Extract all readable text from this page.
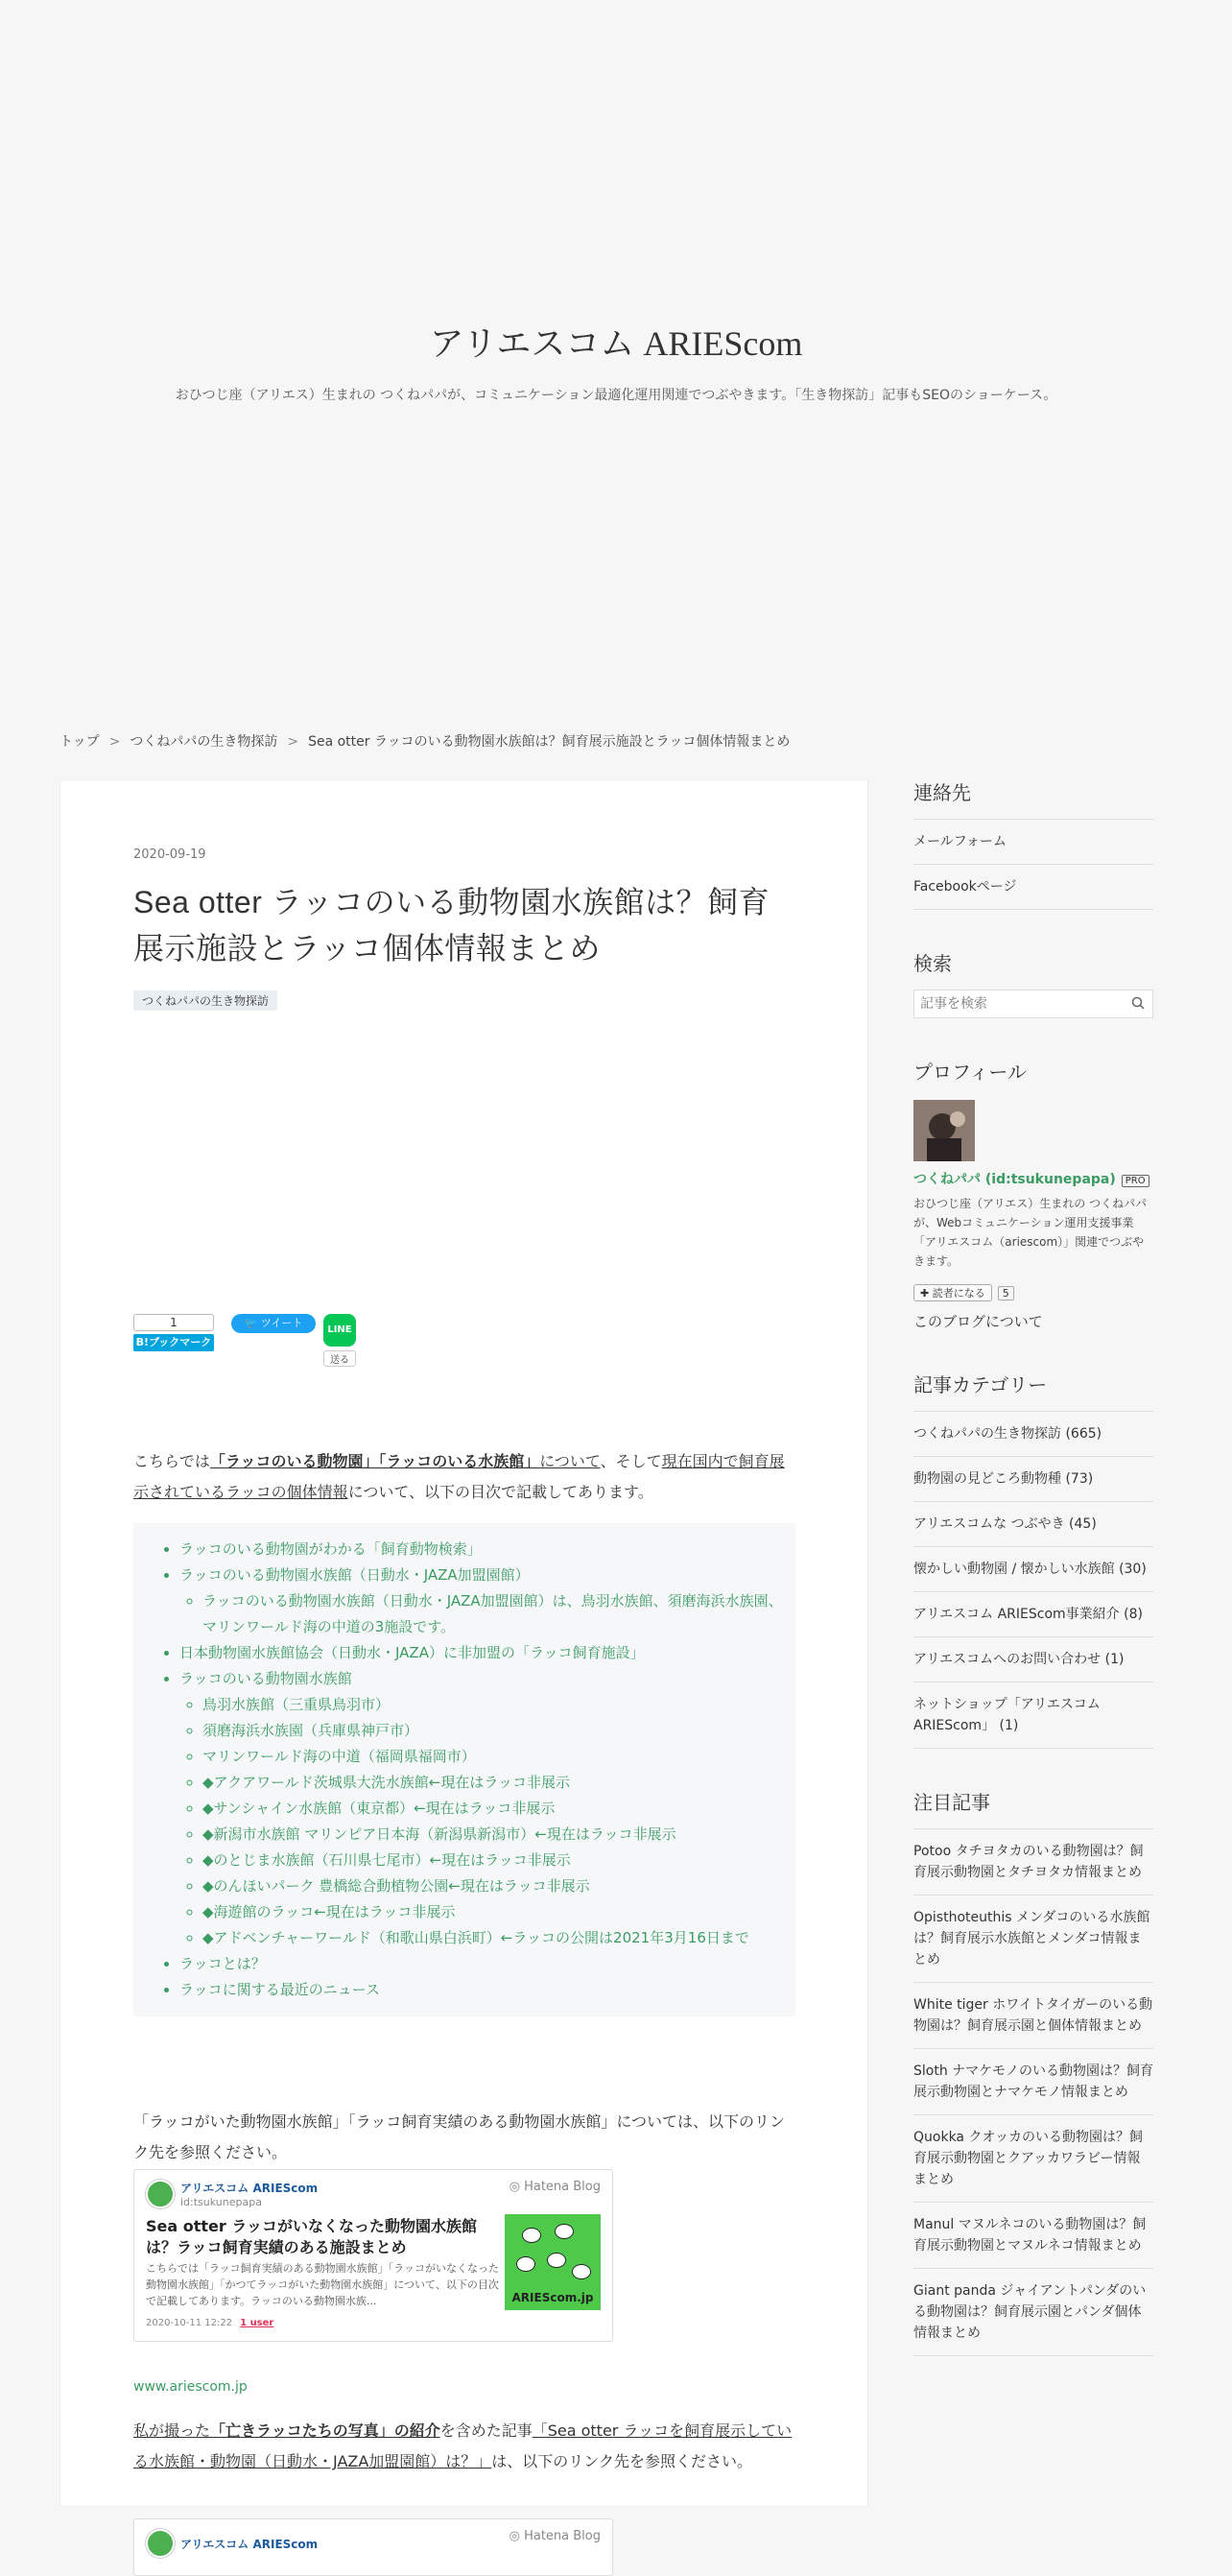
アリエスコム ARIEScom

おひつじ座（アリエス）生まれの つくねパパが、コミュニケーション最適化運用関連でつぶやきます。「生き物探訪」記事もSEOのショーケース。

トップ > つくねパパの生き物探訪 > Sea otter ラッコのいる動物園水族館は？飼育展示施設とラッコ個体情報まとめ
2020-09-19
Sea otter ラッコのいる動物園水族館は？飼育展示施設とラッコ個体情報まとめ
つくねパパの生き物探訪
1
B!ブックマーク
🐦 ツイート
LINE
送る

こちらでは「ラッコのいる動物園」「ラッコのいる水族館」について、そして現在国内で飼育展示されているラッコの個体情報について、以下の目次で記載してあります。

• ラッコのいる動物園がわかる「飼育動物検索」
• ラッコのいる動物園水族館（日動水・JAZA加盟園館）
◦ ラッコのいる動物園水族館（日動水・JAZA加盟園館）は、鳥羽水族館、須磨海浜水族園、マリンワールド海の中道の3施設です。
• 日本動物園水族館協会（日動水・JAZA）に非加盟の「ラッコ飼育施設」
• ラッコのいる動物園水族館
◦ 鳥羽水族館（三重県鳥羽市）
◦ 須磨海浜水族園（兵庫県神戸市）
◦ マリンワールド海の中道（福岡県福岡市）
◦ ◆アクアワールド茨城県大洗水族館←現在はラッコ非展示
◦ ◆サンシャイン水族館（東京都）←現在はラッコ非展示
◦ ◆新潟市水族館 マリンピア日本海（新潟県新潟市）←現在はラッコ非展示
◦ ◆のとじま水族館（石川県七尾市）←現在はラッコ非展示
◦ ◆のんほいパーク 豊橋総合動植物公園←現在はラッコ非展示
◦ ◆海遊館のラッコ←現在はラッコ非展示
◦ ◆アドベンチャーワールド（和歌山県白浜町）←ラッコの公開は2021年3月16日まで
• ラッコとは？
• ラッコに関する最近のニュース

「ラッコがいた動物園水族館」「ラッコ飼育実績のある動物園水族館」については、以下のリンク先を参照ください。

アリエスコム ARIEScom
id:tsukunepapa
◎ Hatena Blog
Sea otter ラッコがいなくなった動物園水族館は？ラッコ飼育実績のある施設まとめ
こちらでは「ラッコ飼育実績のある動物園水族館」「ラッコがいなくなった動物園水族館」「かつてラッコがいた動物園水族館」について、以下の目次で記載してあります。ラッコのいる動物園水族...
2020-10-11 12:22 1 user
ARIEScom.jp
www.ariescom.jp

私が撮った「亡きラッコたちの写真」の紹介を含めた記事「Sea otter ラッコを飼育展示している水族館・動物園（日動水・JAZA加盟園館）は？」は、以下のリンク先を参照ください。

アリエスコム ARIEScom
◎ Hatena Blog
連絡先
メールフォーム
Facebookページ
検索
記事を検索
プロフィール
つくねパパ (id:tsukunepapa) PRO
おひつじ座（アリエス）生まれの つくねパパが、Webコミュニケーション運用支援事業「アリエスコム（ariescom）」関連でつぶやきます。
✚ 読者になる	5
このブログについて
記事カテゴリー
つくねパパの生き物探訪 (665)
動物園の見どころ動物種 (73)
アリエスコムな つぶやき (45)
懐かしい動物園 / 懐かしい水族館 (30)
アリエスコム ARIEScom事業紹介 (8)
アリエスコムへのお問い合わせ (1)
ネットショップ「アリエスコム ARIEScom」 (1)
注目記事
Potoo タチヨタカのいる動物園は？飼育展示動物園とタチヨタカ情報まとめ
Opisthoteuthis メンダコのいる水族館は？飼育展示水族館とメンダコ情報まとめ
White tiger ホワイトタイガーのいる動物園は？飼育展示園と個体情報まとめ
Sloth ナマケモノのいる動物園は？飼育展示動物園とナマケモノ情報まとめ
Quokka クオッカのいる動物園は？飼育展示動物園とクアッカワラビー情報まとめ
Manul マヌルネコのいる動物園は？飼育展示動物園とマヌルネコ情報まとめ
Giant panda ジャイアントパンダのいる動物園は？飼育展示園とパンダ個体情報まとめ
